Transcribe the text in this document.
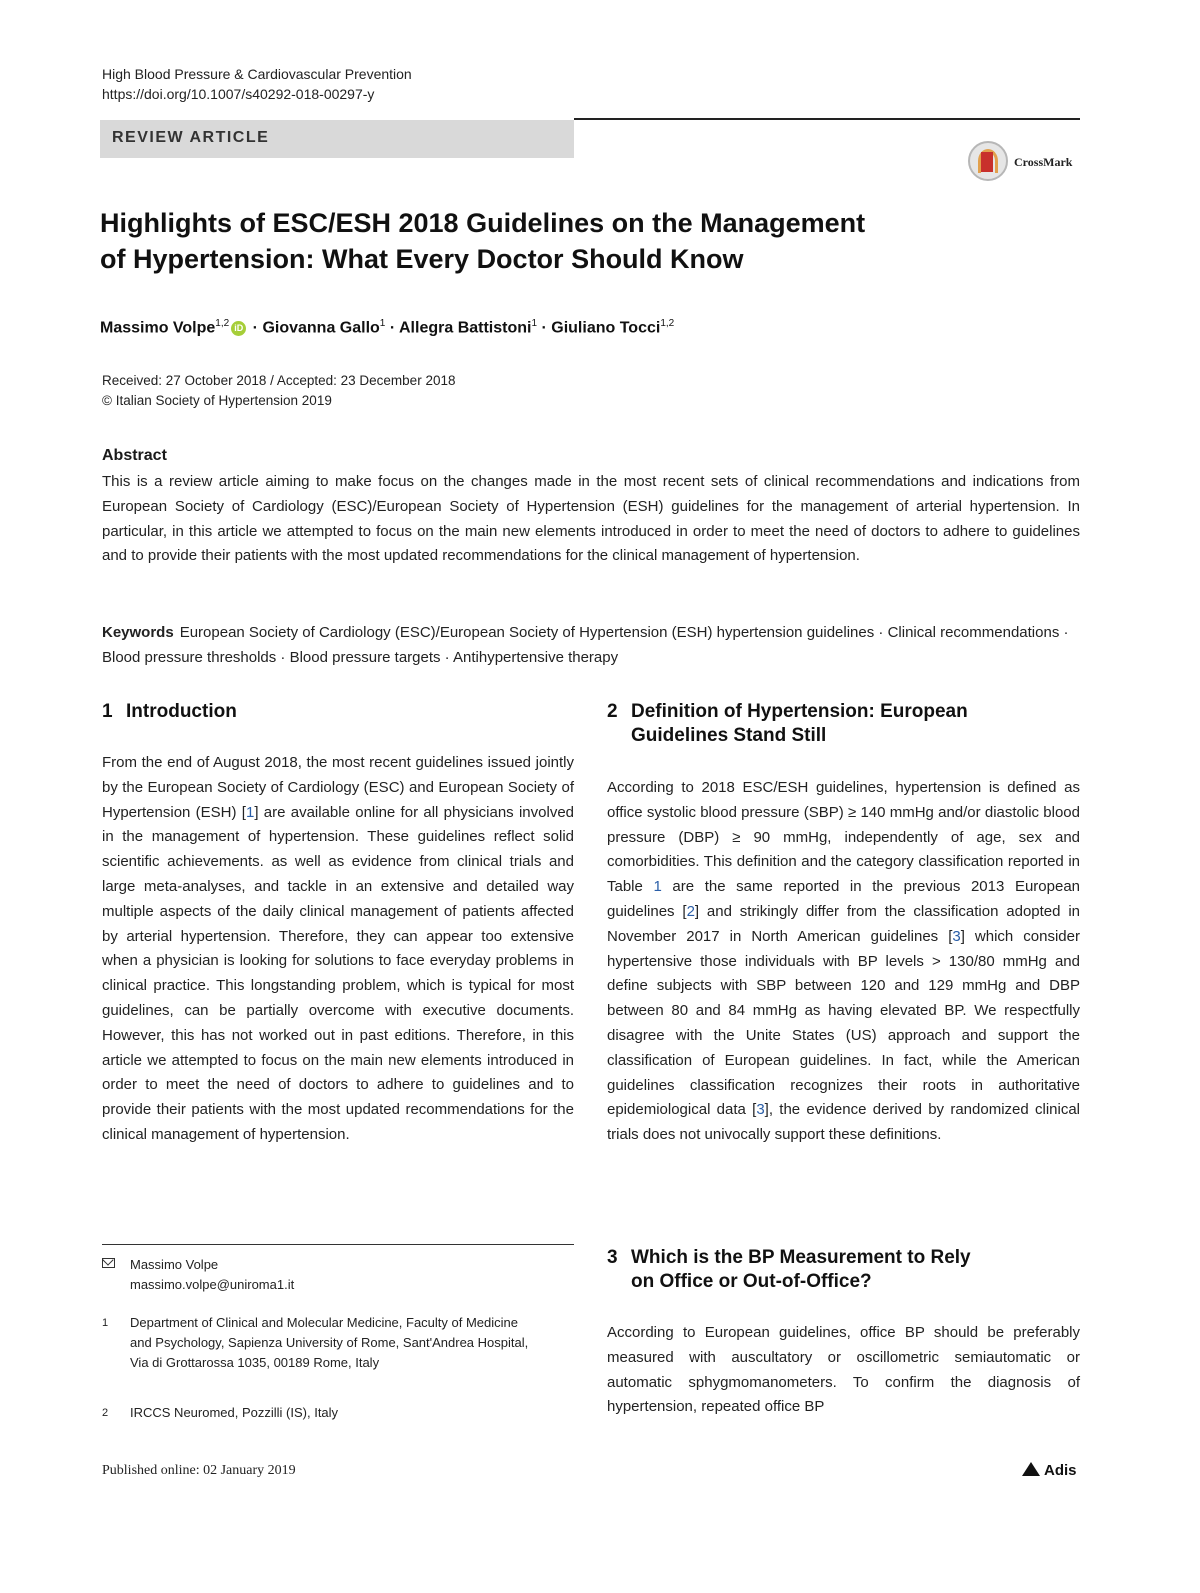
High Blood Pressure & Cardiovascular Prevention
https://doi.org/10.1007/s40292-018-00297-y
REVIEW ARTICLE
CrossMark
Highlights of ESC/ESH 2018 Guidelines on the Management
of Hypertension: What Every Doctor Should Know
Massimo Volpe$^{1,2}$ iD · Giovanna Gallo$^1$ · Allegra Battistoni$^1$ · Giuliano Tocci$^{1,2}$
Received: 27 October 2018 / Accepted: 23 December 2018
© Italian Society of Hypertension 2019
Abstract
This is a review article aiming to make focus on the changes made in the most recent sets of clinical recommendations and indications from European Society of Cardiology (ESC)/European Society of Hypertension (ESH) guidelines for the management of arterial hypertension. In particular, in this article we attempted to focus on the main new elements introduced in order to meet the need of doctors to adhere to guidelines and to provide their patients with the most updated recommendations for the clinical management of hypertension.
Keywords European Society of Cardiology (ESC)/European Society of Hypertension (ESH) hypertension guidelines · Clinical recommendations · Blood pressure thresholds · Blood pressure targets · Antihypertensive therapy
1 Introduction
From the end of August 2018, the most recent guidelines issued jointly by the European Society of Cardiology (ESC) and European Society of Hypertension (ESH) [1] are available online for all physicians involved in the management of hypertension. These guidelines reflect solid scientific achievements. as well as evidence from clinical trials and large meta-analyses, and tackle in an extensive and detailed way multiple aspects of the daily clinical management of patients affected by arterial hypertension. Therefore, they can appear too extensive when a physician is looking for solutions to face everyday problems in clinical practice. This longstanding problem, which is typical for most guidelines, can be partially overcome with executive documents. However, this has not worked out in past editions. Therefore, in this article we attempted to focus on the main new elements introduced in order to meet the need of doctors to adhere to guidelines and to provide their patients with the most updated recommendations for the clinical management of hypertension.
Massimo Volpe
massimo.volpe@uniroma1.it
1 Department of Clinical and Molecular Medicine, Faculty of Medicine and Psychology, Sapienza University of Rome, Sant'Andrea Hospital, Via di Grottarossa 1035, 00189 Rome, Italy
2 IRCCS Neuromed, Pozzilli (IS), Italy
2 Definition of Hypertension: European
Guidelines Stand Still
According to 2018 ESC/ESH guidelines, hypertension is defined as office systolic blood pressure (SBP) ≥ 140 mmHg and/or diastolic blood pressure (DBP) ≥ 90 mmHg, independently of age, sex and comorbidities. This definition and the category classification reported in Table 1 are the same reported in the previous 2013 European guidelines [2] and strikingly differ from the classification adopted in November 2017 in North American guidelines [3] which consider hypertensive those individuals with BP levels > 130/80 mmHg and define subjects with SBP between 120 and 129 mmHg and DBP between 80 and 84 mmHg as having elevated BP. We respectfully disagree with the Unite States (US) approach and support the classification of European guidelines. In fact, while the American guidelines classification recognizes their roots in authoritative epidemiological data [3], the evidence derived by randomized clinical trials does not univocally support these definitions.
3 Which is the BP Measurement to Rely
on Office or Out-of-Office?
According to European guidelines, office BP should be preferably measured with auscultatory or oscillometric semiautomatic or automatic sphygmomanometers. To confirm the diagnosis of hypertension, repeated office BP
Published online: 02 January 2019	Adis
